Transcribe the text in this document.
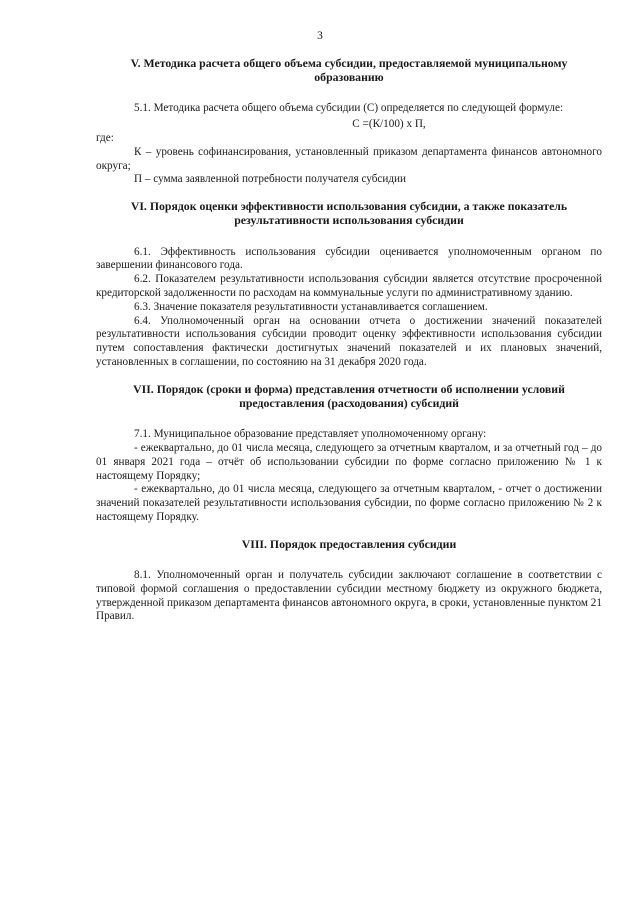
3

V. Методика расчета общего объема субсидии, предоставляемой муниципальному образованию

5.1. Методика расчета общего объема субсидии (С) определяется по следующей формуле:

С =(К/100) х П,

где:

К – уровень софинансирования, установленный приказом департамента финансов автономного округа;

П – сумма заявленной потребности получателя субсидии

VI. Порядок оценки эффективности использования субсидии, а также показатель результативности использования субсидии

6.1. Эффективность использования субсидии оценивается уполномоченным органом по завершении финансового года.

6.2. Показателем результативности использования субсидии является отсутствие просроченной кредиторской задолженности по расходам на коммунальные услуги по административному зданию.

6.3. Значение показателя результативности устанавливается соглашением.

6.4. Уполномоченный орган на основании отчета о достижении значений показателей результативности использования субсидии проводит оценку эффективности использования субсидии путем сопоставления фактически достигнутых значений показателей и их плановых значений, установленных в соглашении, по состоянию на 31 декабря 2020 года.

VII. Порядок (сроки и форма) представления отчетности об исполнении условий предоставления (расходования) субсидий

7.1. Муниципальное образование представляет уполномоченному органу:

- ежеквартально, до 01 числа месяца, следующего за отчетным кварталом, и за отчетный год – до 01 января 2021 года – отчёт об использовании субсидии по форме согласно приложению № 1 к настоящему Порядку;

- ежеквартально, до 01 числа месяца, следующего за отчетным кварталом, - отчет о достижении значений показателей результативности использования субсидии, по форме согласно приложению № 2 к настоящему Порядку.

VIII. Порядок предоставления субсидии

8.1. Уполномоченный орган и получатель субсидии заключают соглашение в соответствии с типовой формой соглашения о предоставлении субсидии местному бюджету из окружного бюджета, утвержденной приказом департамента финансов автономного округа, в сроки, установленные пунктом 21 Правил.
